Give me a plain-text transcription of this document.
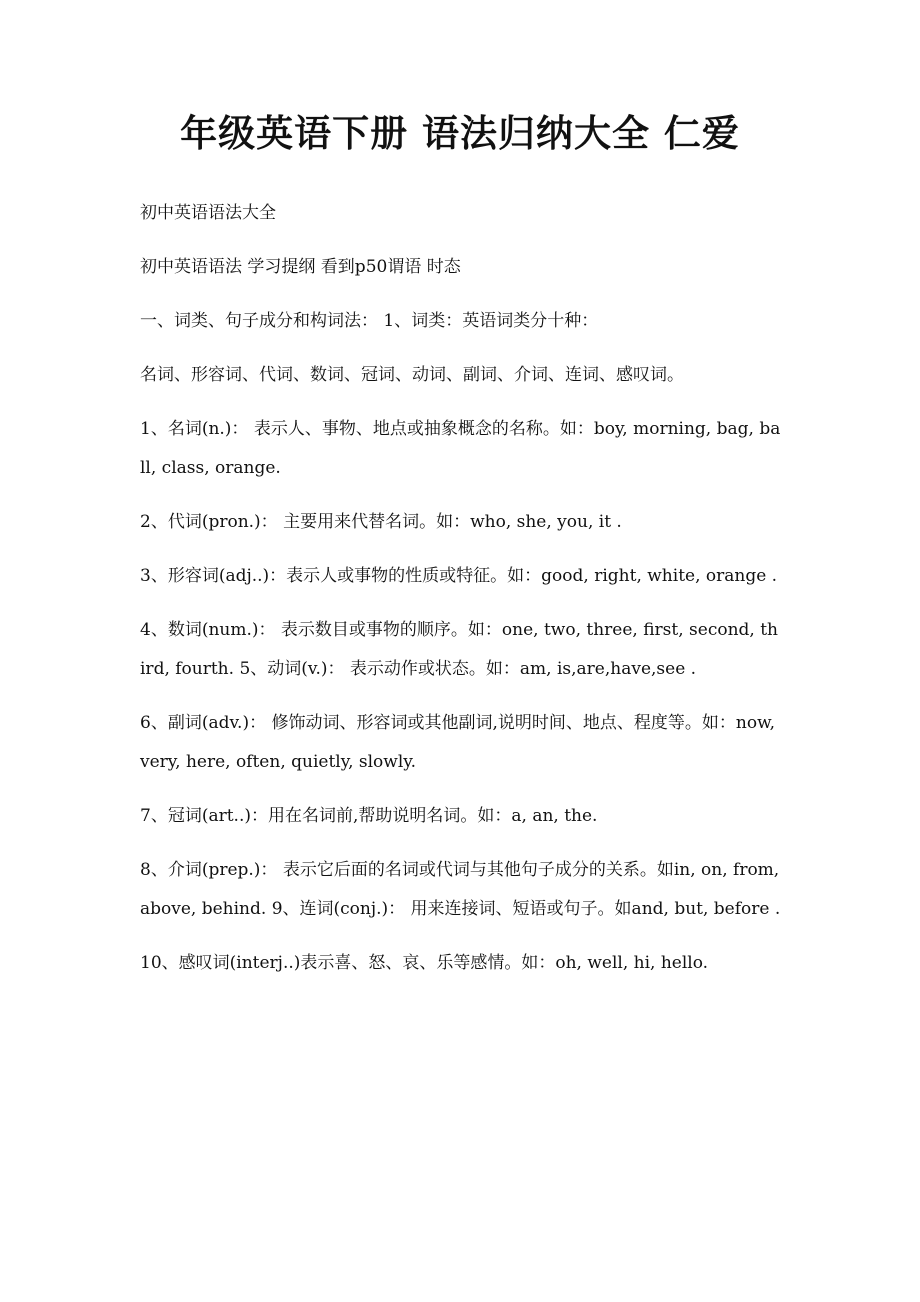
年级英语下册 语法归纳大全 仁爱

初中英语语法大全

初中英语语法 学习提纲 看到p50谓语 时态

一、词类、句子成分和构词法： 1、词类：英语词类分十种：

名词、形容词、代词、数词、冠词、动词、副词、介词、连词、感叹词。

1、名词(n.)： 表示人、事物、地点或抽象概念的名称。如：boy, morning, bag, ball, class, orange.

2、代词(pron.)： 主要用来代替名词。如：who, she, you, it .

3、形容词(adj..)：表示人或事物的性质或特征。如：good, right, white, orange .

4、数词(num.)： 表示数目或事物的顺序。如：one, two, three, first, second, third, fourth. 5、动词(v.)： 表示动作或状态。如：am, is,are,have,see .

6、副词(adv.)： 修饰动词、形容词或其他副词,说明时间、地点、程度等。如：now, very, here, often, quietly, slowly.

7、冠词(art..)：用在名词前,帮助说明名词。如：a, an, the.

8、介词(prep.)： 表示它后面的名词或代词与其他句子成分的关系。如in, on, from, above, behind. 9、连词(conj.)： 用来连接词、短语或句子。如and, but, before .

10、感叹词(interj..)表示喜、怒、哀、乐等感情。如：oh, well, hi, hello.
